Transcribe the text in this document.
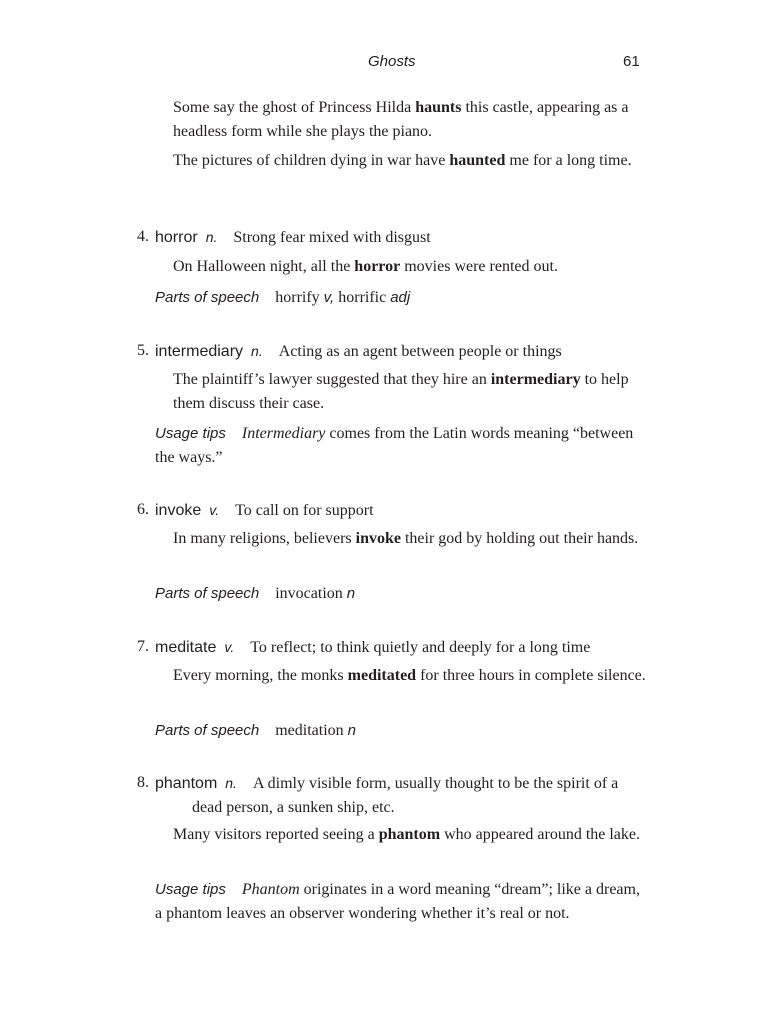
Ghosts	61
Some say the ghost of Princess Hilda haunts this castle, appearing as a headless form while she plays the piano.
The pictures of children dying in war have haunted me for a long time.
4. horror n. Strong fear mixed with disgust
On Halloween night, all the horror movies were rented out.
Parts of speech horrify v, horrific adj
5. intermediary n. Acting as an agent between people or things
The plaintiff’s lawyer suggested that they hire an intermediary to help them discuss their case.
Usage tips Intermediary comes from the Latin words meaning “between the ways.”
6. invoke v. To call on for support
In many religions, believers invoke their god by holding out their hands.
Parts of speech invocation n
7. meditate v. To reflect; to think quietly and deeply for a long time
Every morning, the monks meditated for three hours in complete silence.
Parts of speech meditation n
8. phantom n. A dimly visible form, usually thought to be the spirit of a
dead person, a sunken ship, etc.
Many visitors reported seeing a phantom who appeared around the lake.
Usage tips Phantom originates in a word meaning “dream”; like a dream, a phantom leaves an observer wondering whether it’s real or not.
